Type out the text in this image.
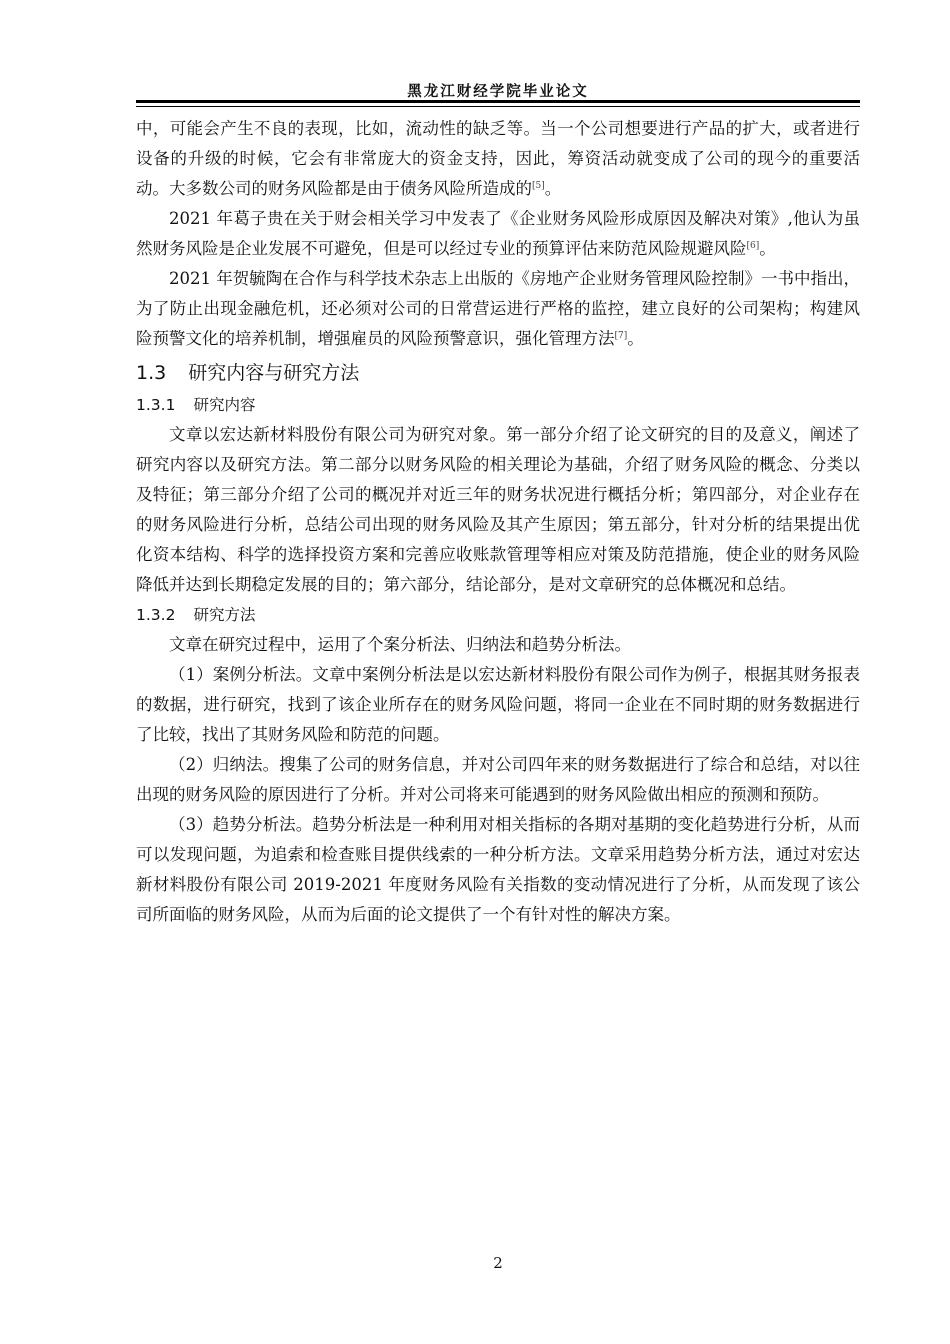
黑龙江财经学院毕业论文

中，可能会产生不良的表现，比如，流动性的缺乏等。当一个公司想要进行产品的扩大，或者进行设备的升级的时候，它会有非常庞大的资金支持，因此，筹资活动就变成了公司的现今的重要活动。大多数公司的财务风险都是由于债务风险所造成的[5]。

2021 年葛子贵在关于财会相关学习中发表了《企业财务风险形成原因及解决对策》,他认为虽然财务风险是企业发展不可避免，但是可以经过专业的预算评估来防范风险规避风险[6]。

2021 年贺毓陶在合作与科学技术杂志上出版的《房地产企业财务管理风险控制》一书中指出，为了防止出现金融危机，还必须对公司的日常营运进行严格的监控，建立良好的公司架构；构建风险预警文化的培养机制，增强雇员的风险预警意识，强化管理方法[7]。

1.3 研究内容与研究方法
1.3.1 研究内容

文章以宏达新材料股份有限公司为研究对象。第一部分介绍了论文研究的目的及意义，阐述了研究内容以及研究方法。第二部分以财务风险的相关理论为基础，介绍了财务风险的概念、分类以及特征；第三部分介绍了公司的概况并对近三年的财务状况进行概括分析；第四部分，对企业存在的财务风险进行分析，总结公司出现的财务风险及其产生原因；第五部分，针对分析的结果提出优化资本结构、科学的选择投资方案和完善应收账款管理等相应对策及防范措施，使企业的财务风险降低并达到长期稳定发展的目的；第六部分，结论部分，是对文章研究的总体概况和总结。

1.3.2 研究方法

文章在研究过程中，运用了个案分析法、归纳法和趋势分析法。

（1）案例分析法。文章中案例分析法是以宏达新材料股份有限公司作为例子，根据其财务报表的数据，进行研究，找到了该企业所存在的财务风险问题，将同一企业在不同时期的财务数据进行了比较，找出了其财务风险和防范的问题。

（2）归纳法。搜集了公司的财务信息，并对公司四年来的财务数据进行了综合和总结，对以往出现的财务风险的原因进行了分析。并对公司将来可能遇到的财务风险做出相应的预测和预防。

（3）趋势分析法。趋势分析法是一种利用对相关指标的各期对基期的变化趋势进行分析，从而可以发现问题，为追索和检查账目提供线索的一种分析方法。文章采用趋势分析方法，通过对宏达新材料股份有限公司 2019-2021 年度财务风险有关指数的变动情况进行了分析，从而发现了该公司所面临的财务风险，从而为后面的论文提供了一个有针对性的解决方案。

2
